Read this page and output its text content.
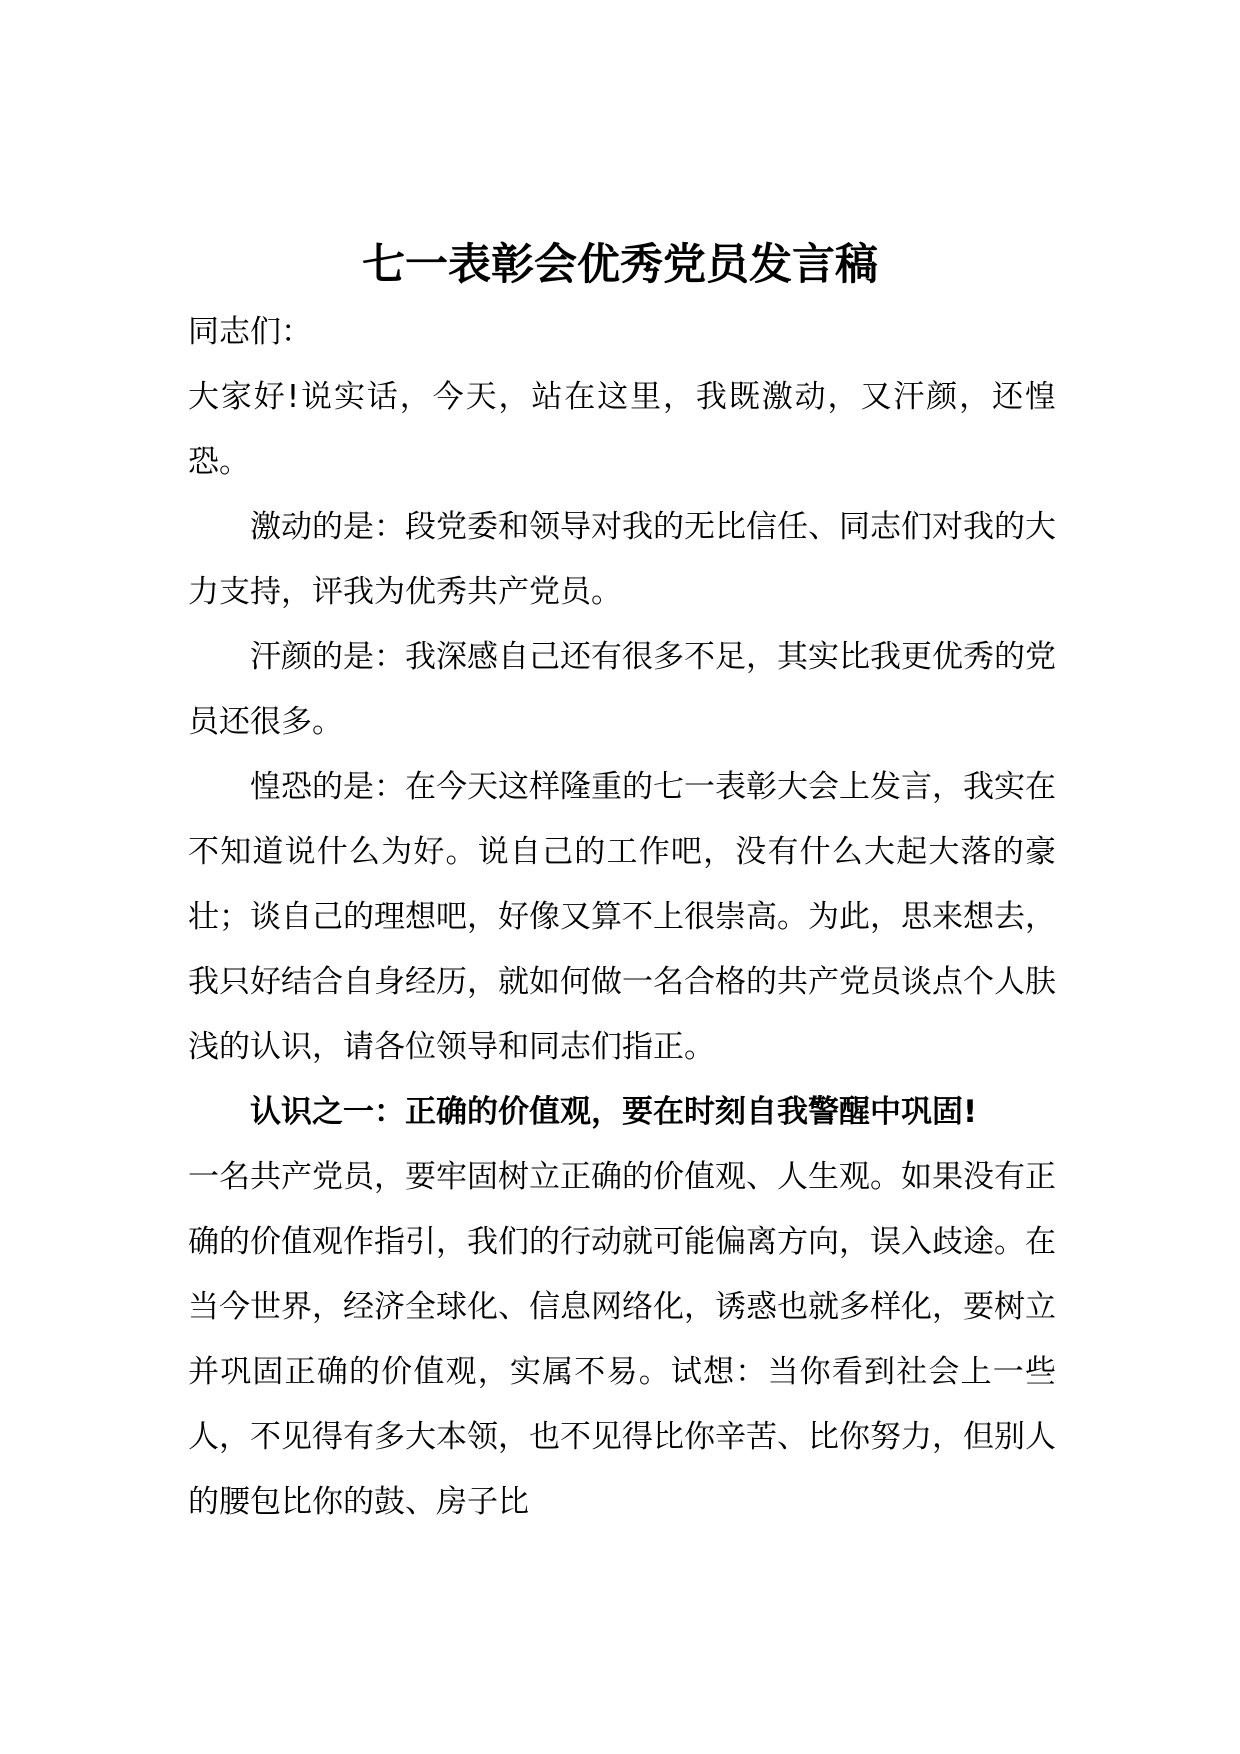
七一表彰会优秀党员发言稿

同志们：

大家好!说实话，今天，站在这里，我既激动，又汗颜，还惶恐。

激动的是：段党委和领导对我的无比信任、同志们对我的大力支持，评我为优秀共产党员。

汗颜的是：我深感自己还有很多不足，其实比我更优秀的党员还很多。

惶恐的是：在今天这样隆重的七一表彰大会上发言，我实在不知道说什么为好。说自己的工作吧，没有什么大起大落的豪壮；谈自己的理想吧，好像又算不上很崇高。为此，思来想去，我只好结合自身经历，就如何做一名合格的共产党员谈点个人肤浅的认识，请各位领导和同志们指正。

认识之一：正确的价值观，要在时刻自我警醒中巩固!

一名共产党员，要牢固树立正确的价值观、人生观。如果没有正确的价值观作指引，我们的行动就可能偏离方向，误入歧途。在当今世界，经济全球化、信息网络化，诱惑也就多样化，要树立并巩固正确的价值观，实属不易。试想：当你看到社会上一些人，不见得有多大本领，也不见得比你辛苦、比你努力，但别人的腰包比你的鼓、房子比
